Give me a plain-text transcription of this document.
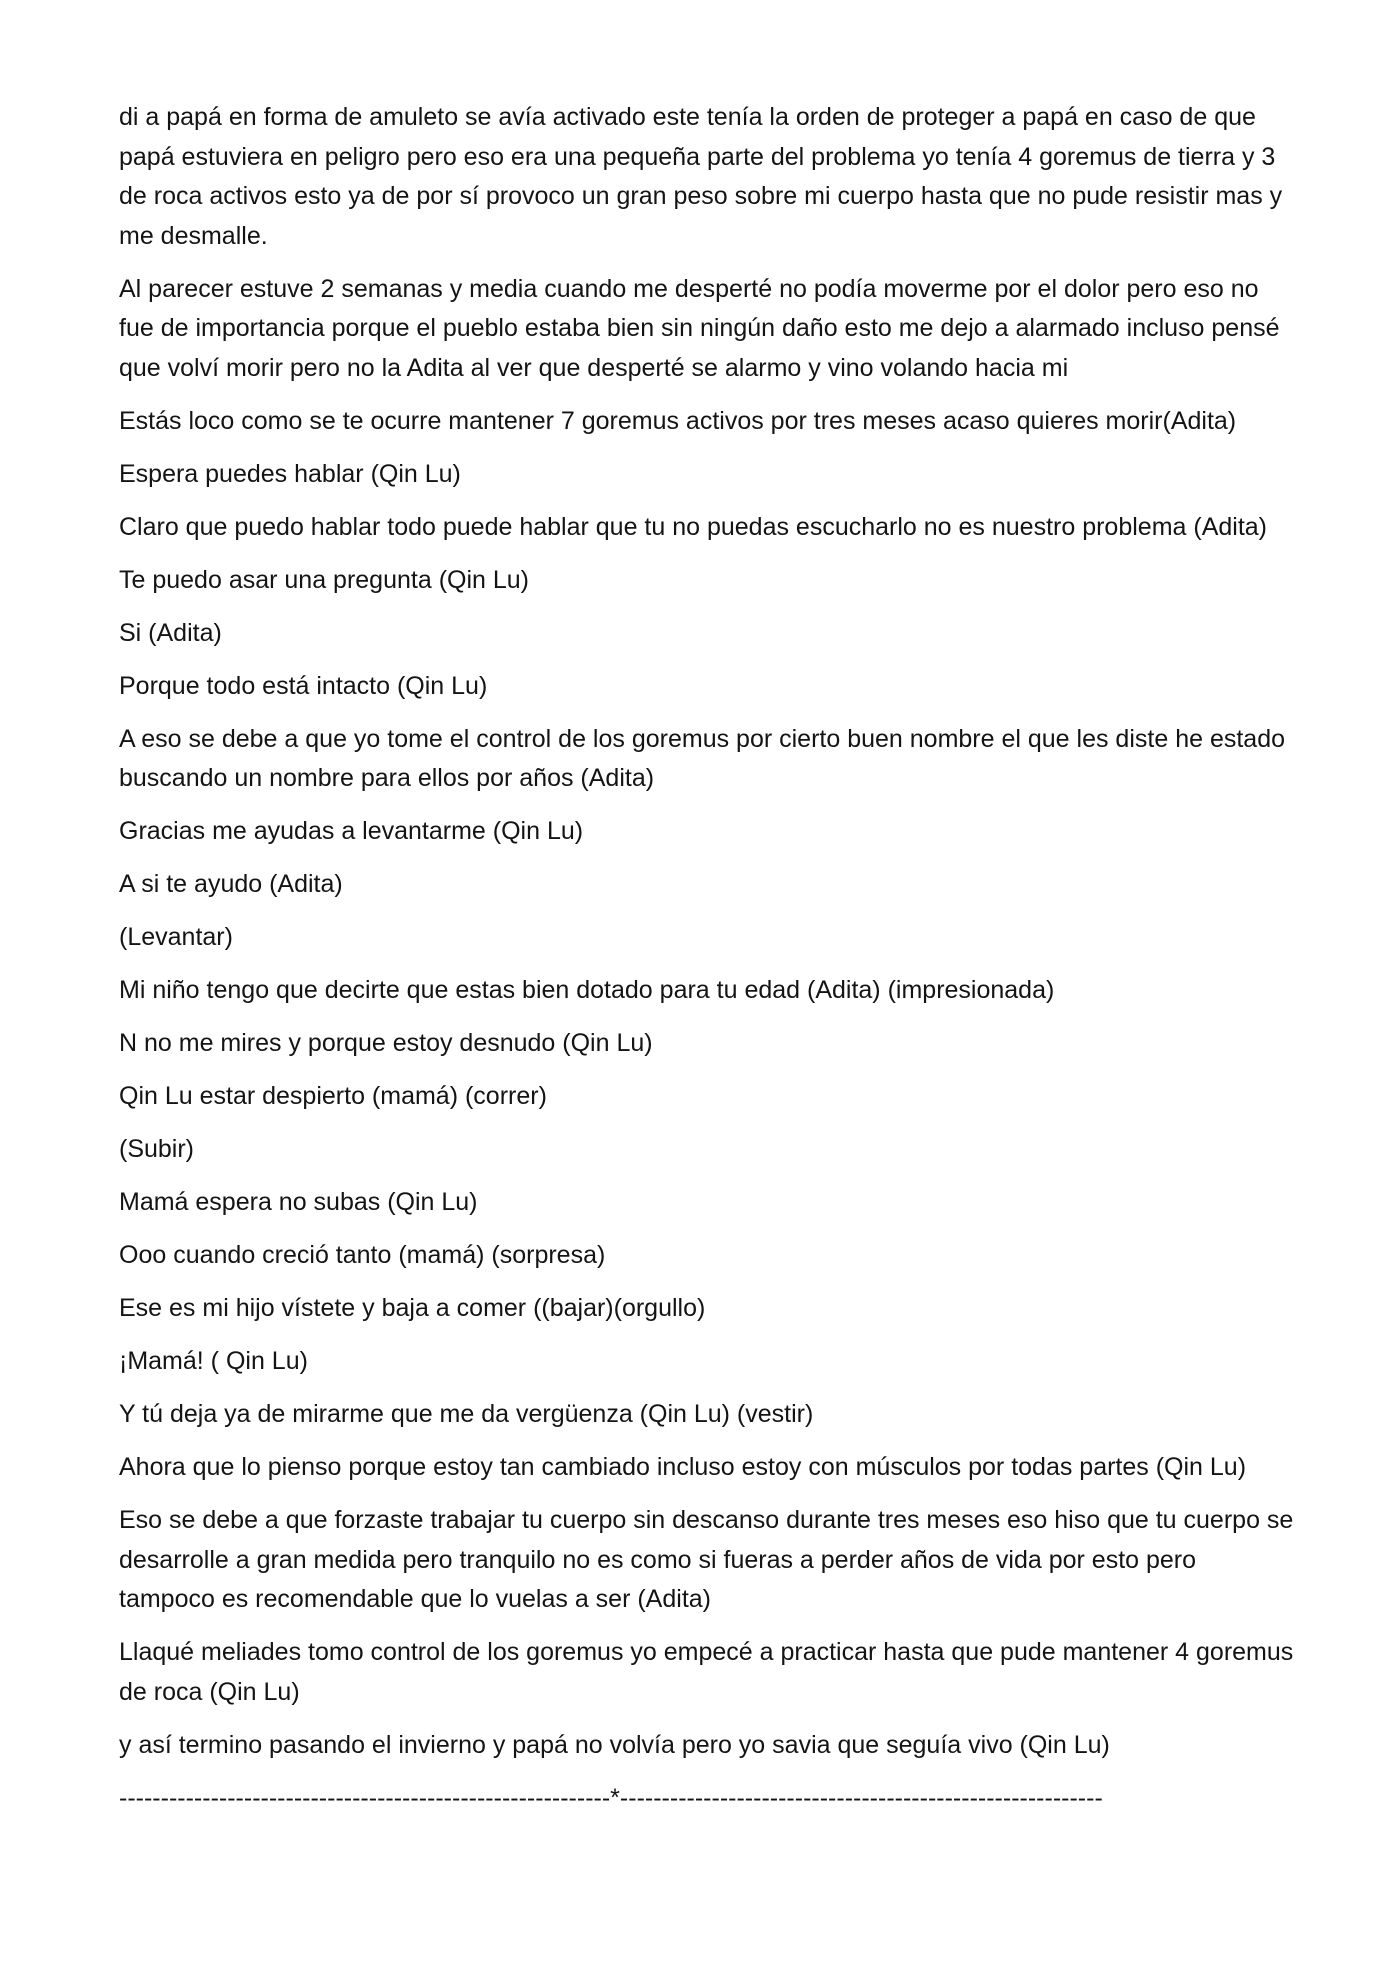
di a papá en forma de amuleto se avía activado este tenía la orden de proteger a papá en caso de que papá estuviera en peligro pero eso era una pequeña parte del problema yo tenía 4 goremus de tierra y 3 de roca activos esto ya de por sí provoco un gran peso sobre mi cuerpo hasta que no pude resistir mas y me desmalle.

Al parecer estuve 2 semanas y media cuando me desperté no podía moverme por el dolor pero eso no fue de importancia porque el pueblo estaba bien sin ningún daño esto me dejo a alarmado incluso pensé que volví morir pero no la Adita al ver que desperté se alarmo y vino volando hacia mi

Estás loco como se te ocurre mantener 7 goremus activos por tres meses acaso quieres morir(Adita)

Espera puedes hablar (Qin Lu)

Claro que puedo hablar todo puede hablar que tu no puedas escucharlo no es nuestro problema (Adita)

Te puedo asar una pregunta (Qin Lu)

Si (Adita)

Porque todo está intacto (Qin Lu)

A eso se debe a que yo tome el control de los goremus por cierto buen nombre el que les diste he estado buscando un nombre para ellos por años (Adita)

Gracias me ayudas a levantarme (Qin Lu)

A si te ayudo (Adita)

(Levantar)

Mi niño tengo que decirte que estas bien dotado para tu edad (Adita) (impresionada)

N no me mires y porque estoy desnudo (Qin Lu)

Qin Lu estar despierto (mamá) (correr)

(Subir)

Mamá espera no subas (Qin Lu)

Ooo cuando creció tanto (mamá) (sorpresa)

Ese es mi hijo vístete y baja a comer ((bajar)(orgullo)

¡Mamá! ( Qin Lu)

Y tú deja ya de mirarme que me da vergüenza (Qin Lu) (vestir)

Ahora que lo pienso porque estoy tan cambiado incluso estoy con músculos por todas partes (Qin Lu)

Eso se debe a que forzaste trabajar tu cuerpo sin descanso durante tres meses eso hiso que tu cuerpo se desarrolle a gran medida pero tranquilo no es como si fueras a perder años de vida por esto pero tampoco es recomendable que lo vuelas a ser (Adita)

Llaqué meliades tomo control de los goremus yo empecé a practicar hasta que pude mantener 4 goremus de roca (Qin Lu)

y así termino pasando el invierno y papá no volvía pero yo savia que seguía vivo (Qin Lu)

-----------------------------------------------------------*----------------------------------------------------------
